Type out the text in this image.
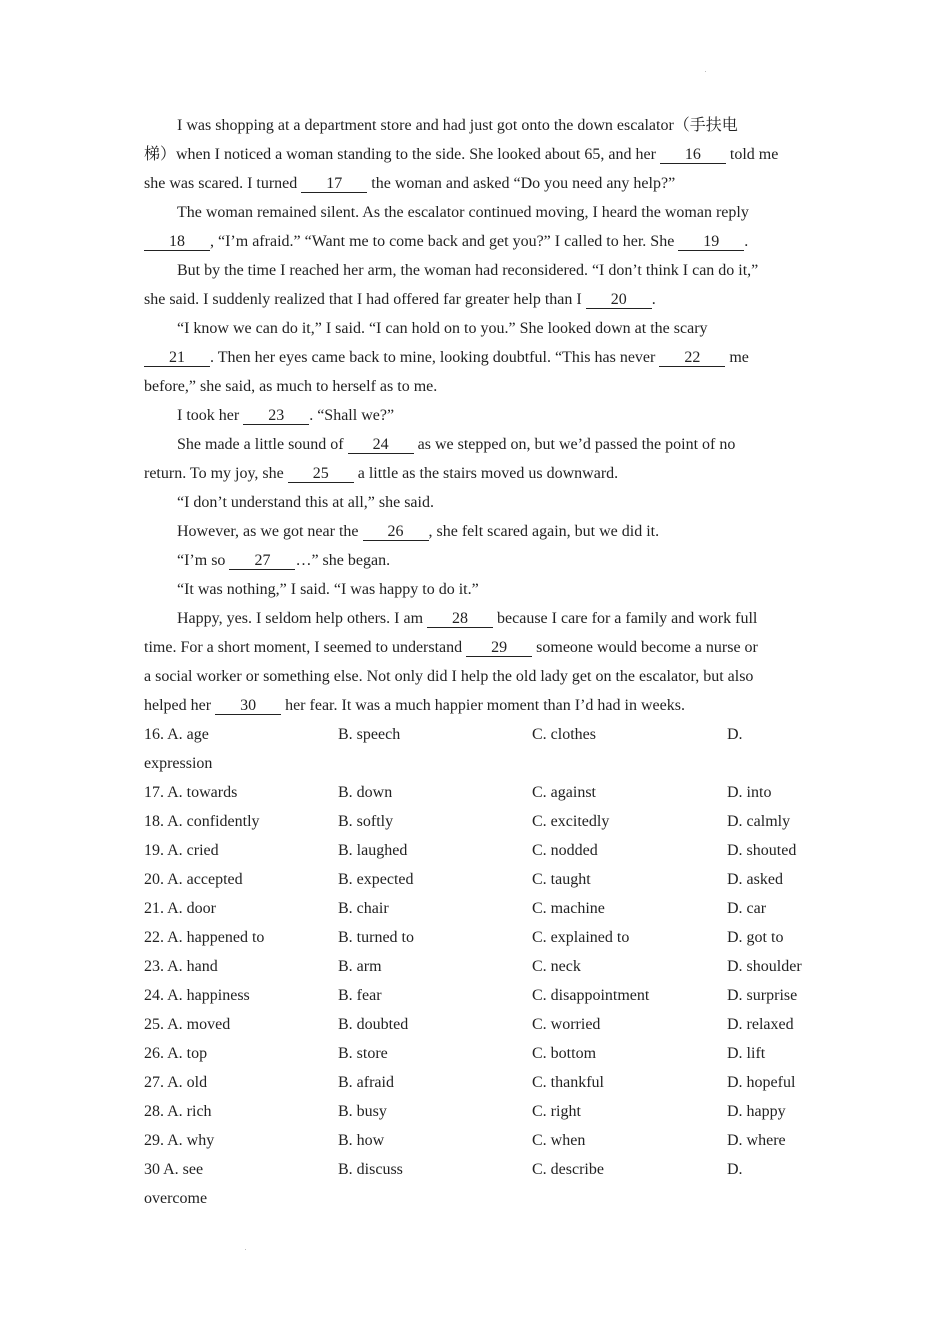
I was shopping at a department store and had just got onto the down escalator（手扶电
梯）when I noticed a woman standing to the side. She looked about 65, and her 16 told me
she was scared. I turned 17 the woman and asked “Do you need any help?”
The woman remained silent. As the escalator continued moving, I heard the woman reply
18 , “I’m afraid.” “Want me to come back and get you?” I called to her. She 19 .
But by the time I reached her arm, the woman had reconsidered. “I don’t think I can do it,”
she said. I suddenly realized that I had offered far greater help than I 20 .
“I know we can do it,” I said. “I can hold on to you.” She looked down at the scary
21 . Then her eyes came back to mine, looking doubtful. “This has never 22 me
before,” she said, as much to herself as to me.
I took her 23 . “Shall we?”
She made a little sound of 24 as we stepped on, but we’d passed the point of no
return. To my joy, she 25 a little as the stairs moved us downward.
“I don’t understand this at all,” she said.
However, as we got near the 26 , she felt scared again, but we did it.
“I’m so 27 …” she began.
“It was nothing,” I said. “I was happy to do it.”
Happy, yes. I seldom help others. I am 28 because I care for a family and work full
time. For a short moment, I seemed to understand 29 someone would become a nurse or
a social worker or something else. Not only did I help the old lady get on the escalator, but also
helped her 30 her fear. It was a much happier moment than I’d had in weeks.
16. A. age	B. speech	C. clothes	D.
expression
17. A. towards	B. down	C. against	D. into
18. A. confidently	B. softly	C. excitedly	D. calmly
19. A. cried	B. laughed	C. nodded	D. shouted
20. A. accepted	B. expected	C. taught	D. asked
21. A. door	B. chair	C. machine	D. car
22. A. happened to	B. turned to	C. explained to	D. got to
23. A. hand	B. arm	C. neck	D. shoulder
24. A. happiness	B. fear	C. disappointment	D. surprise
25. A. moved	B. doubted	C. worried	D. relaxed
26. A. top	B. store	C. bottom	D. lift
27. A. old	B. afraid	C. thankful	D. hopeful
28. A. rich	B. busy	C. right	D. happy
29. A. why	B. how	C. when	D. where
30 A. see	B. discuss	C. describe	D.
overcome
